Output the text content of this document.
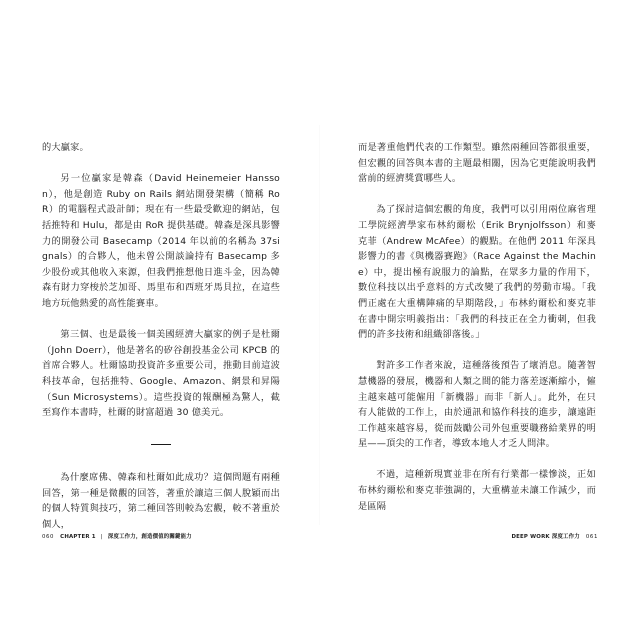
的大贏家。

另一位贏家是韓森（David Heinemeier Hansson），他是創造 Ruby on Rails 網站開發架構（簡稱 RoR）的電腦程式設計師；現在有一些最受歡迎的網站，包括推特和 Hulu，都是由 RoR 提供基礎。韓森是深具影響力的開發公司 Basecamp（2014 年以前的名稱為 37signals）的合夥人，他未曾公開談論持有 Basecamp 多少股份或其他收入來源，但我們推想他日進斗金，因為韓森有財力穿梭於芝加哥、馬里布和西班牙馬貝拉，在這些地方玩他熱愛的高性能賽車。

第三個、也是最後一個美國經濟大贏家的例子是杜爾（John Doerr），他是著名的矽谷創投基金公司 KPCB 的首席合夥人。杜爾協助投資許多重要公司，推動目前這波科技革命，包括推特、Google、Amazon、網景和昇陽（Sun Microsystems）。這些投資的報酬極為驚人，截至寫作本書時，杜爾的財富超過 30 億美元。

為什麼席佛、韓森和杜爾如此成功？這個問題有兩種回答，第一種是微觀的回答，著重於讓這三個人脫穎而出的個人特質與技巧，第二種回答則較為宏觀，較不著重於個人，

而是著重他們代表的工作類型。雖然兩種回答都很重要，但宏觀的回答與本書的主題最相關，因為它更能說明我們當前的經濟獎賞哪些人。

為了探討這個宏觀的角度，我們可以引用兩位麻省理工學院經濟學家布林約爾松（Erik Brynjolfsson）和麥克菲（Andrew McAfee）的觀點。在他們 2011 年深具影響力的書《與機器賽跑》（Race Against the Machine）中，提出極有說服力的論點，在眾多力量的作用下，數位科技以出乎意料的方式改變了我們的勞動市場。「我們正處在大重構陣痛的早期階段，」布林約爾松和麥克菲在書中開宗明義指出：「我們的科技正在全力衝刺，但我們的許多技術和組織卻落後。」

對許多工作者來說，這種落後預告了壞消息。隨著智慧機器的發展，機器和人類之間的能力落差逐漸縮小，僱主越來越可能僱用「新機器」而非「新人」。此外，在只有人能做的工作上，由於通訊和協作科技的進步，讓遠距工作越來越容易，從而鼓勵公司外包重要職務給業界的明星——頂尖的工作者，導致本地人才乏人問津。

不過，這種新現實並非在所有行業都一樣慘淡，正如布林約爾松和麥克菲強調的，大重構並未讓工作減少，而是區隔

060 CHAPTER 1 | 深度工作力，創造價值的關鍵能力	DEEP WORK 深度工作力 061
